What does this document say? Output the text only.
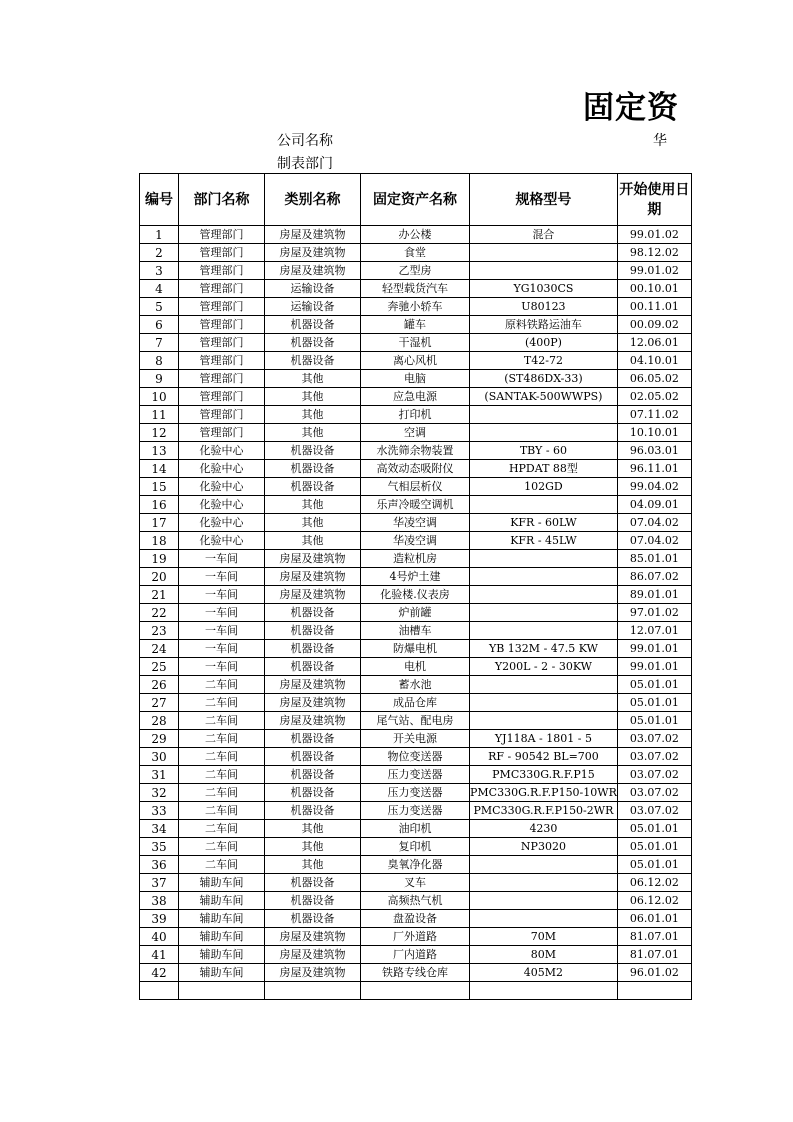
固定资
公司名称
制表部门
华
编号	部门名称	类别名称	固定资产名称	规格型号	开始使用日期
1	管理部门	房屋及建筑物	办公楼	混合	99.01.02
2	管理部门	房屋及建筑物	食堂		98.12.02
3	管理部门	房屋及建筑物	乙型房		99.01.02
4	管理部门	运输设备	轻型载货汽车	YG1030CS	00.10.01
5	管理部门	运输设备	奔驰小轿车	U80123	00.11.01
6	管理部门	机器设备	罐车	原料铁路运油车	00.09.02
7	管理部门	机器设备	干湿机	(400P)	12.06.01
8	管理部门	机器设备	离心风机	T42-72	04.10.01
9	管理部门	其他	电脑	(ST486DX-33)	06.05.02
10	管理部门	其他	应急电源	(SANTAK-500WWPS)	02.05.02
11	管理部门	其他	打印机		07.11.02
12	管理部门	其他	空调		10.10.01
13	化验中心	机器设备	水洗筛余物装置	TBY - 60	96.03.01
14	化验中心	机器设备	高效动态吸附仪	HPDAT 88型	96.11.01
15	化验中心	机器设备	气相层析仪	102GD	99.04.02
16	化验中心	其他	乐声冷暖空调机		04.09.01
17	化验中心	其他	华凌空调	KFR - 60LW	07.04.02
18	化验中心	其他	华凌空调	KFR - 45LW	07.04.02
19	一车间	房屋及建筑物	造粒机房		85.01.01
20	一车间	房屋及建筑物	4号炉土建		86.07.02
21	一车间	房屋及建筑物	化验楼.仪表房		89.01.01
22	一车间	机器设备	炉前罐		97.01.02
23	一车间	机器设备	油槽车		12.07.01
24	一车间	机器设备	防爆电机	YB 132M - 47.5 KW	99.01.01
25	一车间	机器设备	电机	Y200L - 2 - 30KW	99.01.01
26	二车间	房屋及建筑物	蓄水池		05.01.01
27	二车间	房屋及建筑物	成品仓库		05.01.01
28	二车间	房屋及建筑物	尾气站、配电房		05.01.01
29	二车间	机器设备	开关电源	YJ118A - 1801 - 5	03.07.02
30	二车间	机器设备	物位变送器	RF - 90542 BL=700	03.07.02
31	二车间	机器设备	压力变送器	PMC330G.R.F.P15	03.07.02
32	二车间	机器设备	压力变送器	PMC330G.R.F.P150-10WR	03.07.02
33	二车间	机器设备	压力变送器	PMC330G.R.F.P150-2WR	03.07.02
34	二车间	其他	油印机	4230	05.01.01
35	二车间	其他	复印机	NP3020	05.01.01
36	二车间	其他	臭氧净化器		05.01.01
37	辅助车间	机器设备	叉车		06.12.02
38	辅助车间	机器设备	高频热气机		06.12.02
39	辅助车间	机器设备	盘盈设备		06.01.01
40	辅助车间	房屋及建筑物	厂外道路	70M	81.07.01
41	辅助车间	房屋及建筑物	厂内道路	80M	81.07.01
42	辅助车间	房屋及建筑物	铁路专线仓库	405M2	96.01.02
